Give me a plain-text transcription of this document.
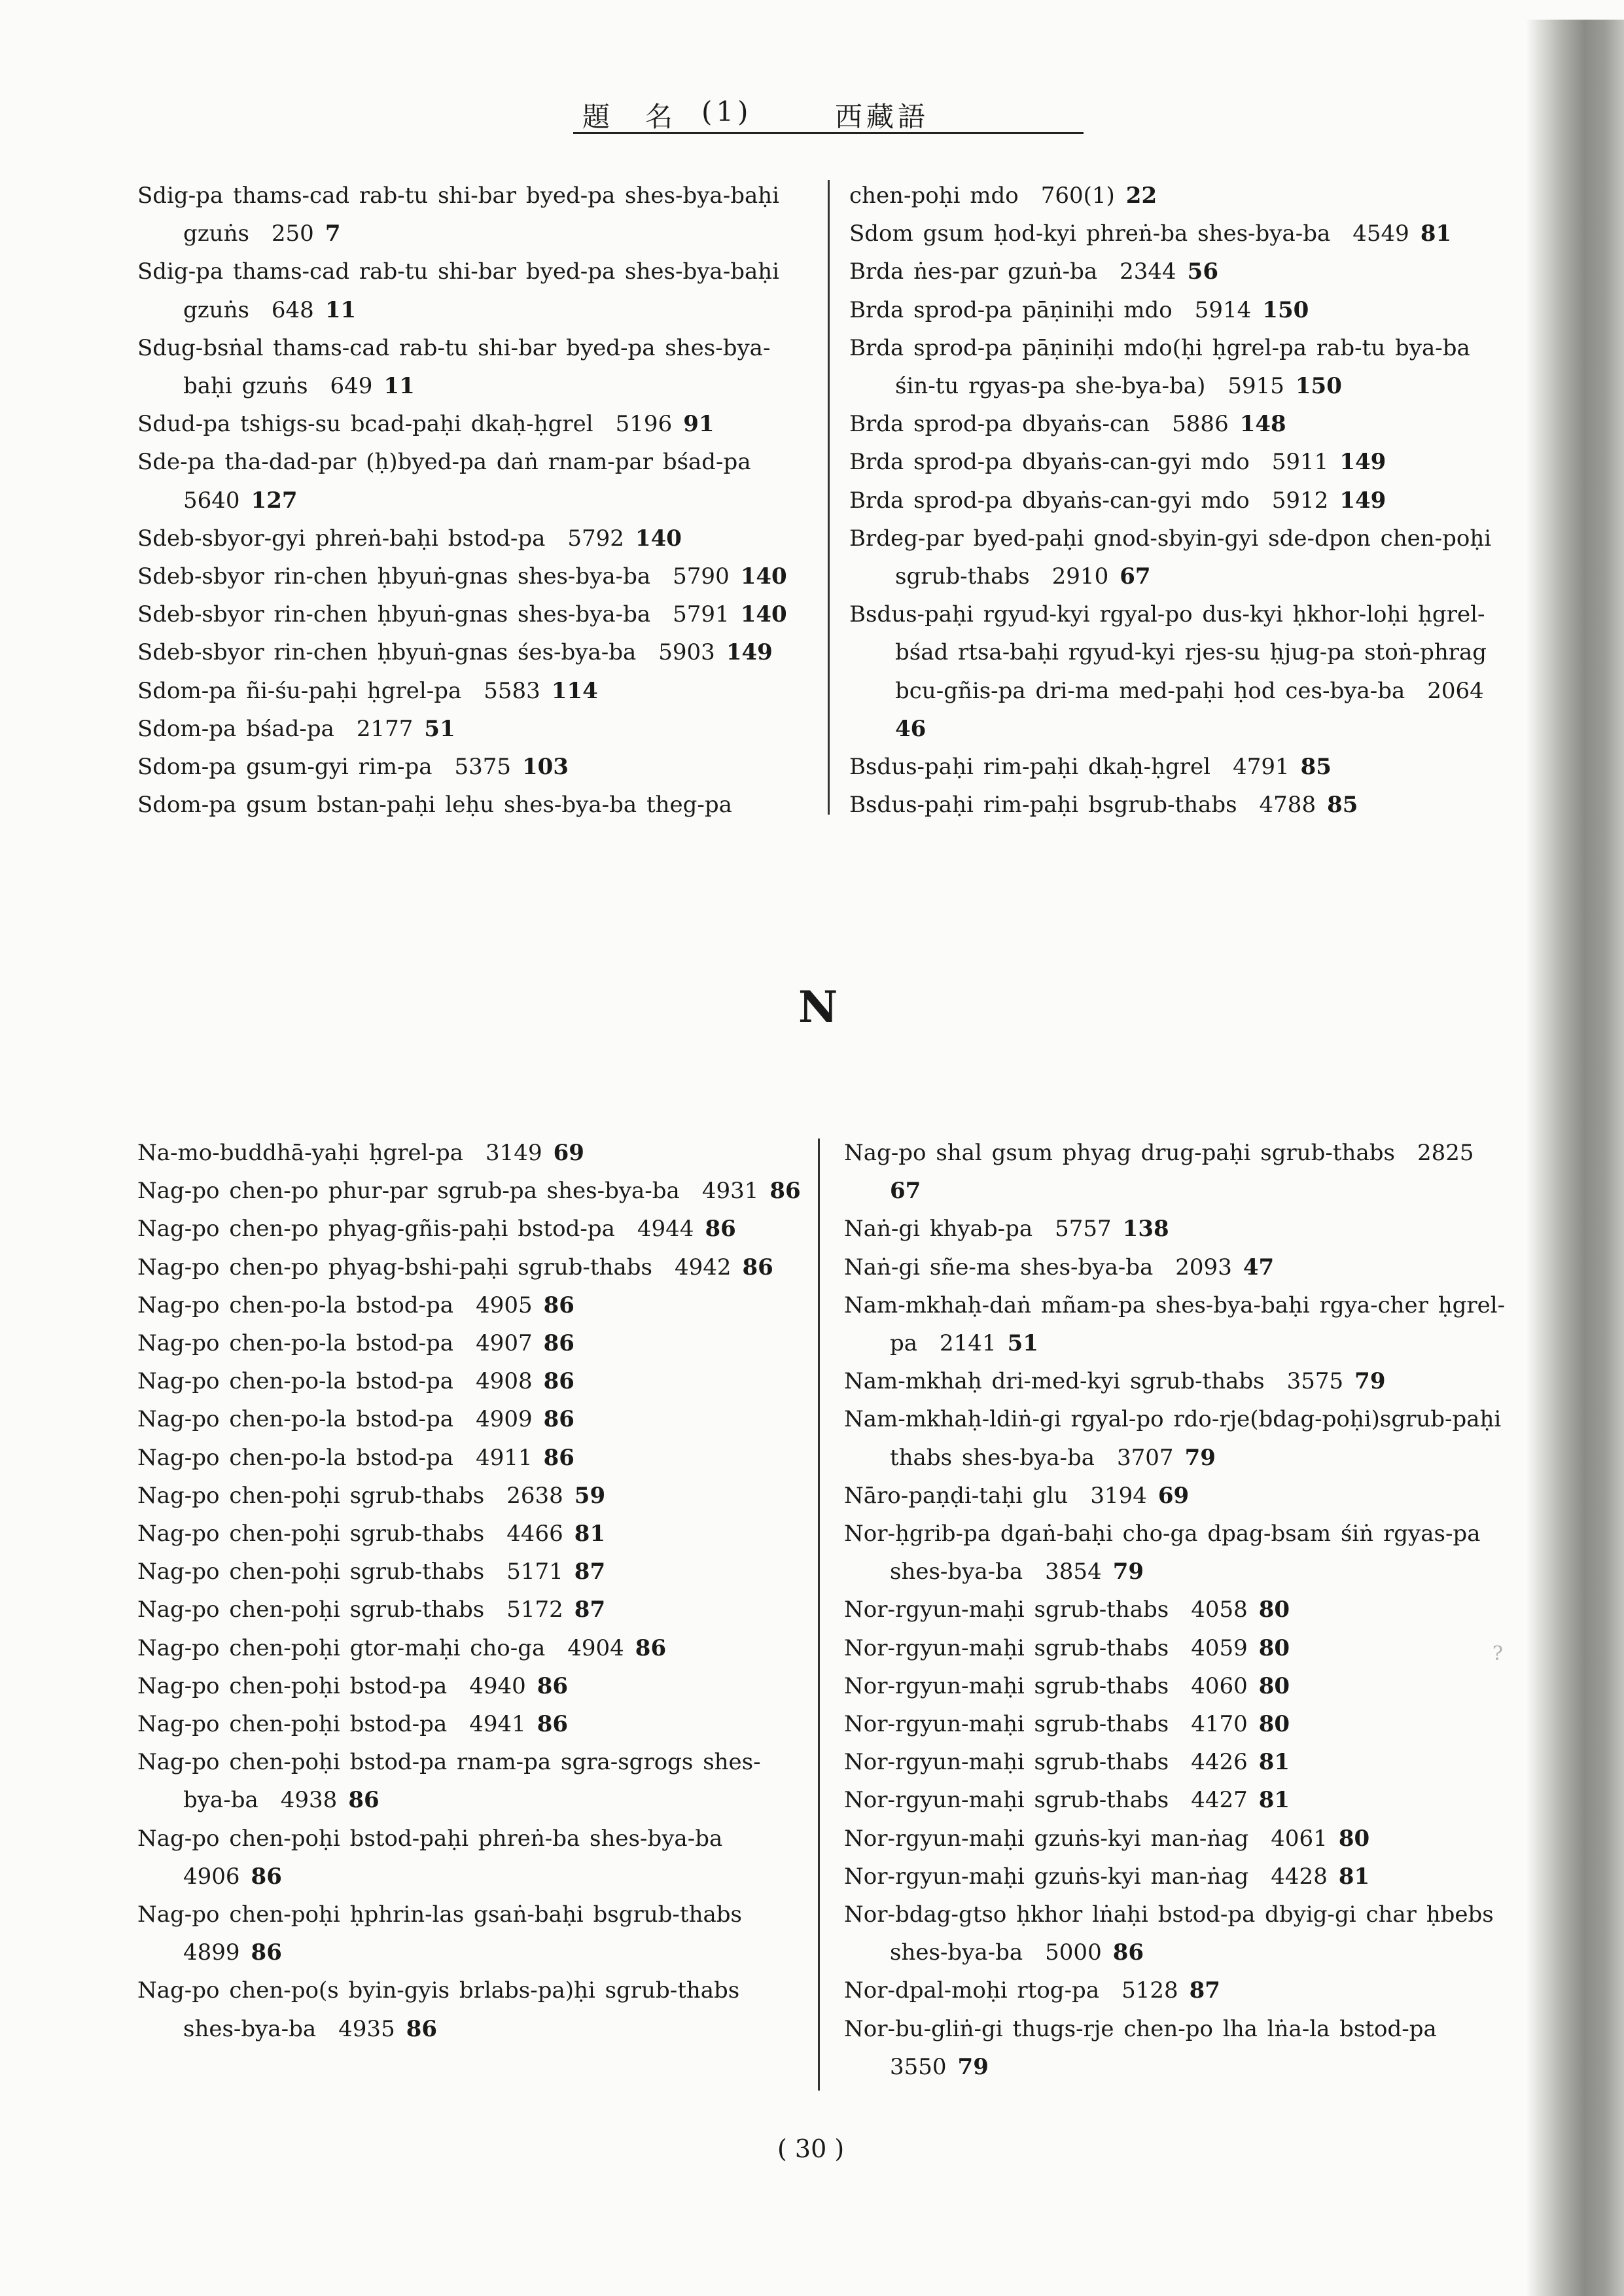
題　名 (1)	西藏語
Sdig-pa thams-cad rab-tu shi-bar byed-pa shes-bya-baḥi gzuṅs  250  7
Sdig-pa thams-cad rab-tu shi-bar byed-pa shes-bya-baḥi gzuṅs  648  11
Sdug-bsṅal thams-cad rab-tu shi-bar byed-pa shes-bya-baḥi gzuṅs  649  11
Sdud-pa tshigs-su bcad-paḥi dkaḥ-ḥgrel  5196  91
Sde-pa tha-dad-par (ḥ)byed-pa daṅ rnam-par bśad-pa 5640  127
Sdeb-sbyor-gyi phreṅ-baḥi bstod-pa  5792  140
Sdeb-sbyor rin-chen ḥbyuṅ-gnas shes-bya-ba  5790  140
Sdeb-sbyor rin-chen ḥbyuṅ-gnas shes-bya-ba  5791  140
Sdeb-sbyor rin-chen ḥbyuṅ-gnas śes-bya-ba  5903  149
Sdom-pa ñi-śu-paḥi ḥgrel-pa  5583  114
Sdom-pa bśad-pa  2177  51
Sdom-pa gsum-gyi rim-pa  5375  103
Sdom-pa gsum bstan-paḥi leḥu shes-bya-ba theg-pa
chen-poḥi mdo  760(1)  22
Sdom gsum ḥod-kyi phreṅ-ba shes-bya-ba  4549  81
Brda ṅes-par gzuṅ-ba  2344  56
Brda sprod-pa pāṇiniḥi mdo  5914  150
Brda sprod-pa pāṇiniḥi mdo(ḥi ḥgrel-pa rab-tu bya-ba śin-tu rgyas-pa she-bya-ba)  5915  150
Brda sprod-pa dbyaṅs-can  5886  148
Brda sprod-pa dbyaṅs-can-gyi mdo  5911  149
Brda sprod-pa dbyaṅs-can-gyi mdo  5912  149
Brdeg-par byed-paḥi gnod-sbyin-gyi sde-dpon chen-poḥi sgrub-thabs  2910  67
Bsdus-paḥi rgyud-kyi rgyal-po dus-kyi ḥkhor-loḥi ḥgrel-bśad rtsa-baḥi rgyud-kyi rjes-su ḥjug-pa stoṅ-phrag bcu-gñis-pa dri-ma med-paḥi ḥod ces-bya-ba  2064 46
Bsdus-paḥi rim-paḥi dkaḥ-ḥgrel  4791  85
Bsdus-paḥi rim-paḥi bsgrub-thabs  4788  85
N
Na-mo-buddhā-yaḥi ḥgrel-pa  3149  69
Nag-po chen-po phur-par sgrub-pa shes-bya-ba  4931  86
Nag-po chen-po phyag-gñis-paḥi bstod-pa  4944  86
Nag-po chen-po phyag-bshi-paḥi sgrub-thabs  4942  86
Nag-po chen-po-la bstod-pa  4905  86
Nag-po chen-po-la bstod-pa  4907  86
Nag-po chen-po-la bstod-pa  4908  86
Nag-po chen-po-la bstod-pa  4909  86
Nag-po chen-po-la bstod-pa  4911  86
Nag-po chen-poḥi sgrub-thabs  2638  59
Nag-po chen-poḥi sgrub-thabs  4466  81
Nag-po chen-poḥi sgrub-thabs  5171  87
Nag-po chen-poḥi sgrub-thabs  5172  87
Nag-po chen-poḥi gtor-maḥi cho-ga  4904  86
Nag-po chen-poḥi bstod-pa  4940  86
Nag-po chen-poḥi bstod-pa  4941  86
Nag-po chen-poḥi bstod-pa rnam-pa sgra-sgrogs shes-bya-ba  4938  86
Nag-po chen-poḥi bstod-paḥi phreṅ-ba shes-bya-ba 4906  86
Nag-po chen-poḥi ḥphrin-las gsaṅ-baḥi bsgrub-thabs 4899  86
Nag-po chen-po(s byin-gyis brlabs-pa)ḥi sgrub-thabs shes-bya-ba  4935  86
Nag-po shal gsum phyag drug-paḥi sgrub-thabs  2825 67
Naṅ-gi khyab-pa  5757  138
Naṅ-gi sñe-ma shes-bya-ba  2093  47
Nam-mkhaḥ-daṅ mñam-pa shes-bya-baḥi rgya-cher ḥgrel-pa  2141  51
Nam-mkhaḥ dri-med-kyi sgrub-thabs  3575  79
Nam-mkhaḥ-ldiṅ-gi rgyal-po rdo-rje(bdag-poḥi)sgrub-paḥi thabs shes-bya-ba  3707  79
Nāro-paṇḍi-taḥi glu  3194  69
Nor-ḥgrib-pa dgaṅ-baḥi cho-ga dpag-bsam śiṅ rgyas-pa shes-bya-ba  3854  79
Nor-rgyun-maḥi sgrub-thabs  4058  80
Nor-rgyun-maḥi sgrub-thabs  4059  80
Nor-rgyun-maḥi sgrub-thabs  4060  80
Nor-rgyun-maḥi sgrub-thabs  4170  80
Nor-rgyun-maḥi sgrub-thabs  4426  81
Nor-rgyun-maḥi sgrub-thabs  4427  81
Nor-rgyun-maḥi gzuṅs-kyi man-ṅag  4061  80
Nor-rgyun-maḥi gzuṅs-kyi man-ṅag  4428  81
Nor-bdag-gtso ḥkhor lṅaḥi bstod-pa dbyig-gi char ḥbebs shes-bya-ba  5000  86
Nor-dpal-moḥi rtog-pa  5128  87
Nor-bu-gliṅ-gi thugs-rje chen-po lha lṅa-la bstod-pa 3550  79
( 30 )
?
